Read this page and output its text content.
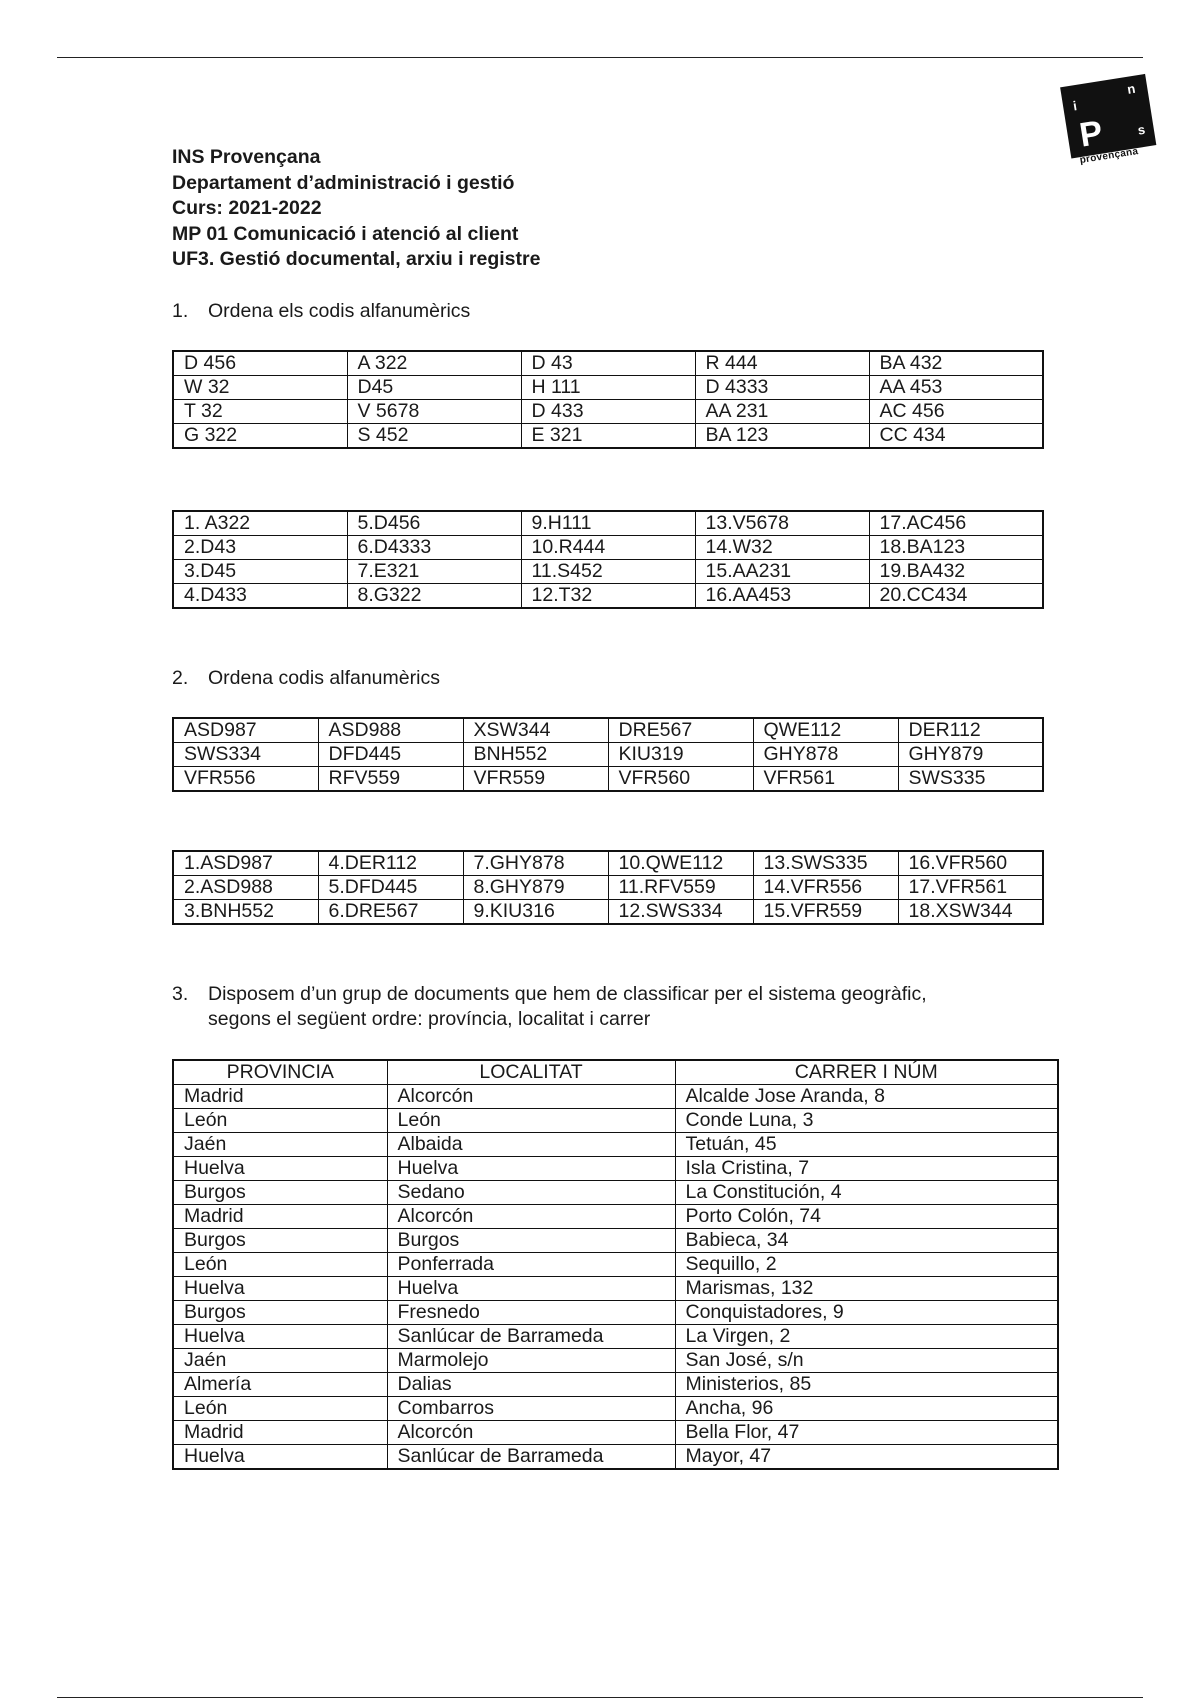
i
n
s
P
provençana
INS Provençana
Departament d’administració i gestió
Curs: 2021-2022
MP 01 Comunicació i atenció al client
UF3. Gestió documental, arxiu i registre
1. Ordena els codis alfanumèrics
D 456	A 322	D 43	R 444	BA 432
W 32	D45	H 111	D 4333	AA 453
T 32	V 5678	D 433	AA 231	AC 456
G 322	S 452	E 321	BA 123	CC 434
1. A322	5.D456	9.H111	13.V5678	17.AC456
2.D43	6.D4333	10.R444	14.W32	18.BA123
3.D45	7.E321	11.S452	15.AA231	19.BA432
4.D433	8.G322	12.T32	16.AA453	20.CC434
2. Ordena codis alfanumèrics
ASD987	ASD988	XSW344	DRE567	QWE112	DER112
SWS334	DFD445	BNH552	KIU319	GHY878	GHY879
VFR556	RFV559	VFR559	VFR560	VFR561	SWS335
1.ASD987	4.DER112	7.GHY878	10.QWE112	13.SWS335	16.VFR560
2.ASD988	5.DFD445	8.GHY879	11.RFV559	14.VFR556	17.VFR561
3.BNH552	6.DRE567	9.KIU316	12.SWS334	15.VFR559	18.XSW344
3. Disposem d’un grup de documents que hem de classificar per el sistema geogràfic,
segons el següent ordre: província, localitat i carrer
PROVINCIA	LOCALITAT	CARRER I NÚM
Madrid	Alcorcón	Alcalde Jose Aranda, 8
León	León	Conde Luna, 3
Jaén	Albaida	Tetuán, 45
Huelva	Huelva	Isla Cristina, 7
Burgos	Sedano	La Constitución, 4
Madrid	Alcorcón	Porto Colón, 74
Burgos	Burgos	Babieca, 34
León	Ponferrada	Sequillo, 2
Huelva	Huelva	Marismas, 132
Burgos	Fresnedo	Conquistadores, 9
Huelva	Sanlúcar de Barrameda	La Virgen, 2
Jaén	Marmolejo	San José, s/n
Almería	Dalias	Ministerios, 85
León	Combarros	Ancha, 96
Madrid	Alcorcón	Bella Flor, 47
Huelva	Sanlúcar de Barrameda	Mayor, 47
